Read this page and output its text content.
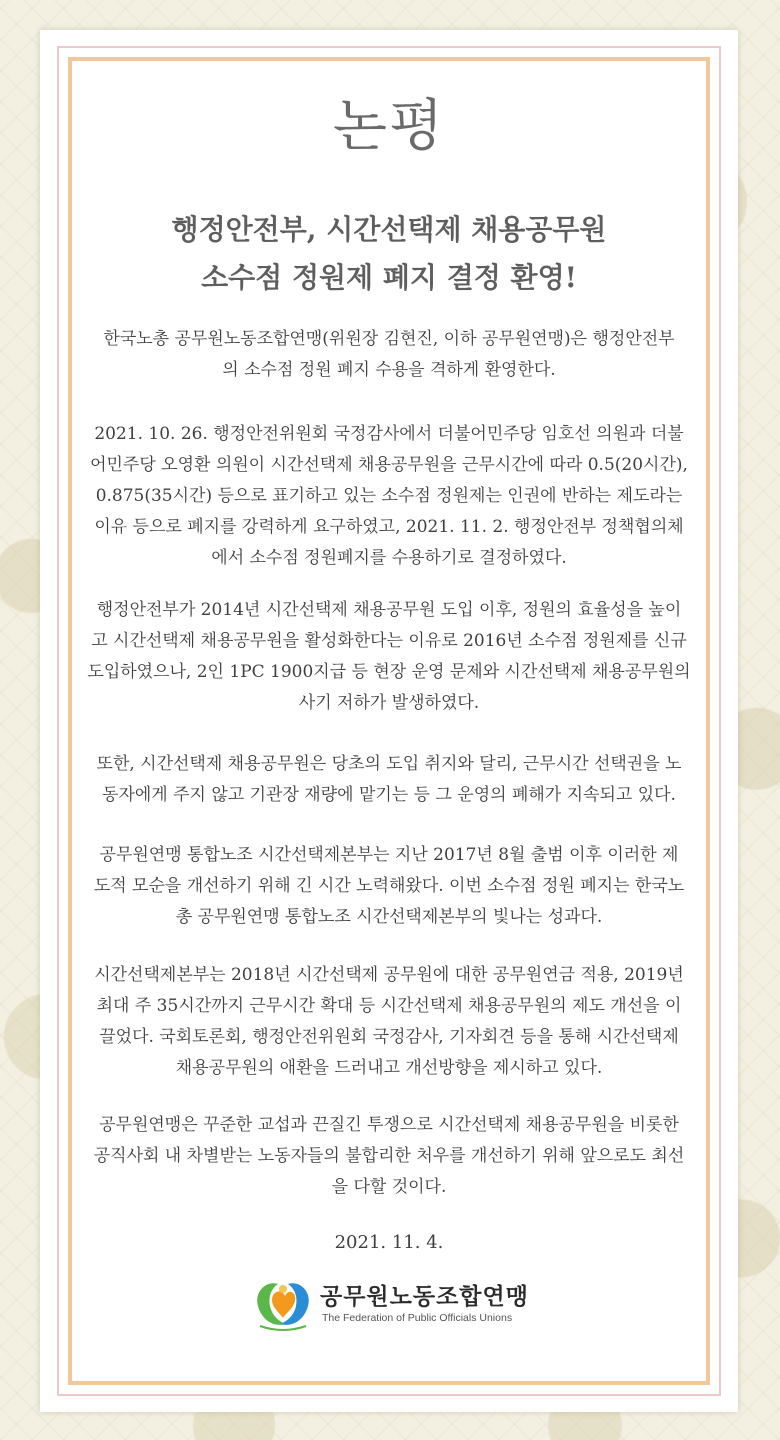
논평
행정안전부, 시간선택제 채용공무원
소수점 정원제 폐지 결정 환영!
한국노총 공무원노동조합연맹(위원장 김현진, 이하 공무원연맹)은 행정안전부
의 소수점 정원 폐지 수용을 격하게 환영한다.
2021. 10. 26. 행정안전위원회 국정감사에서 더불어민주당 임호선 의원과 더불
어민주당 오영환 의원이 시간선택제 채용공무원을 근무시간에 따라 0.5(20시간),
0.875(35시간) 등으로 표기하고 있는 소수점 정원제는 인권에 반하는 제도라는
이유 등으로 폐지를 강력하게 요구하였고, 2021. 11. 2. 행정안전부 정책협의체
에서 소수점 정원폐지를 수용하기로 결정하였다.
행정안전부가 2014년 시간선택제 채용공무원 도입 이후, 정원의 효율성을 높이
고 시간선택제 채용공무원을 활성화한다는 이유로 2016년 소수점 정원제를 신규
도입하였으나, 2인 1PC 1900지급 등 현장 운영 문제와 시간선택제 채용공무원의
사기 저하가 발생하였다.
또한, 시간선택제 채용공무원은 당초의 도입 취지와 달리, 근무시간 선택권을 노
동자에게 주지 않고 기관장 재량에 맡기는 등 그 운영의 폐해가 지속되고 있다.
공무원연맹 통합노조 시간선택제본부는 지난 2017년 8월 출범 이후 이러한 제
도적 모순을 개선하기 위해 긴 시간 노력해왔다. 이번 소수점 정원 폐지는 한국노
총 공무원연맹 통합노조 시간선택제본부의 빛나는 성과다.
시간선택제본부는 2018년 시간선택제 공무원에 대한 공무원연금 적용, 2019년
최대 주 35시간까지 근무시간 확대 등 시간선택제 채용공무원의 제도 개선을 이
끌었다. 국회토론회, 행정안전위원회 국정감사, 기자회견 등을 통해 시간선택제
채용공무원의 애환을 드러내고 개선방향을 제시하고 있다.
공무원연맹은 꾸준한 교섭과 끈질긴 투쟁으로 시간선택제 채용공무원을 비롯한
공직사회 내 차별받는 노동자들의 불합리한 처우를 개선하기 위해 앞으로도 최선
을 다할 것이다.
2021. 11. 4.
공무원노동조합연맹
The Federation of Public Officials Unions
